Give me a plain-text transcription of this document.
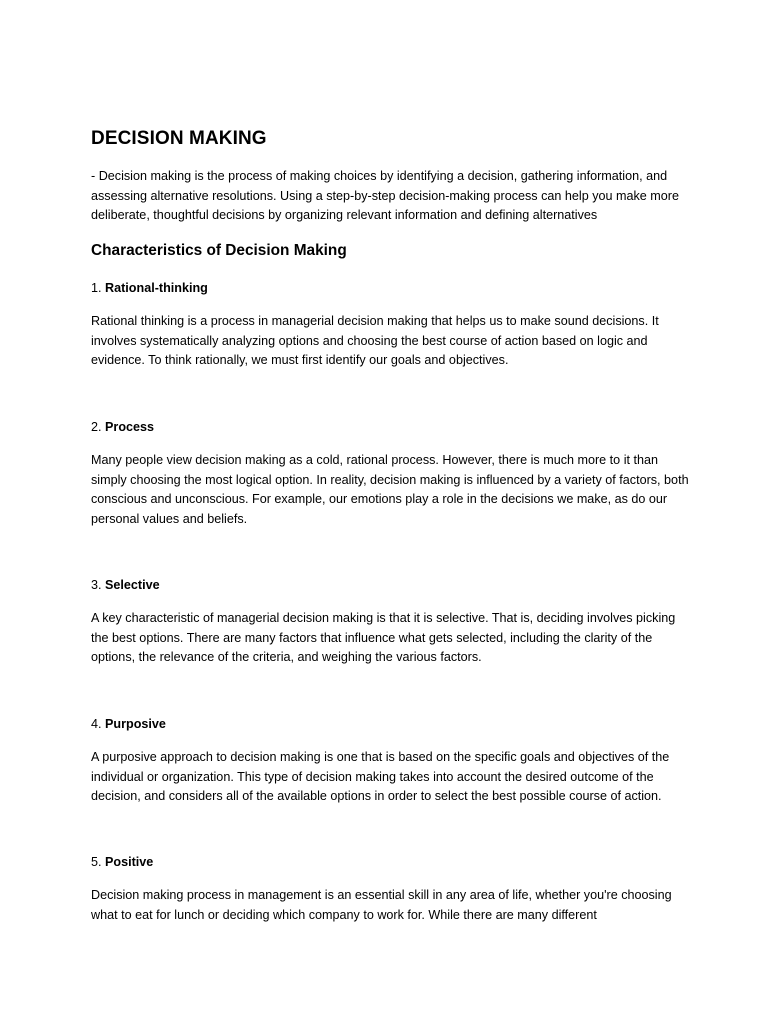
DECISION MAKING

- Decision making is the process of making choices by identifying a decision, gathering information, and assessing alternative resolutions. Using a step-by-step decision-making process can help you make more deliberate, thoughtful decisions by organizing relevant information and defining alternatives

Characteristics of Decision Making
1. Rational-thinking

Rational thinking is a process in managerial decision making that helps us to make sound decisions. It involves systematically analyzing options and choosing the best course of action based on logic and evidence. To think rationally, we must first identify our goals and objectives.

2. Process

Many people view decision making as a cold, rational process. However, there is much more to it than simply choosing the most logical option. In reality, decision making is influenced by a variety of factors, both conscious and unconscious. For example, our emotions play a role in the decisions we make, as do our personal values and beliefs.

3. Selective

A key characteristic of managerial decision making is that it is selective. That is, deciding involves picking the best options. There are many factors that influence what gets selected, including the clarity of the options, the relevance of the criteria, and weighing the various factors.

4. Purposive

A purposive approach to decision making is one that is based on the specific goals and objectives of the individual or organization. This type of decision making takes into account the desired outcome of the decision, and considers all of the available options in order to select the best possible course of action.

5. Positive

Decision making process in management is an essential skill in any area of life, whether you're choosing what to eat for lunch or deciding which company to work for. While there are many different
